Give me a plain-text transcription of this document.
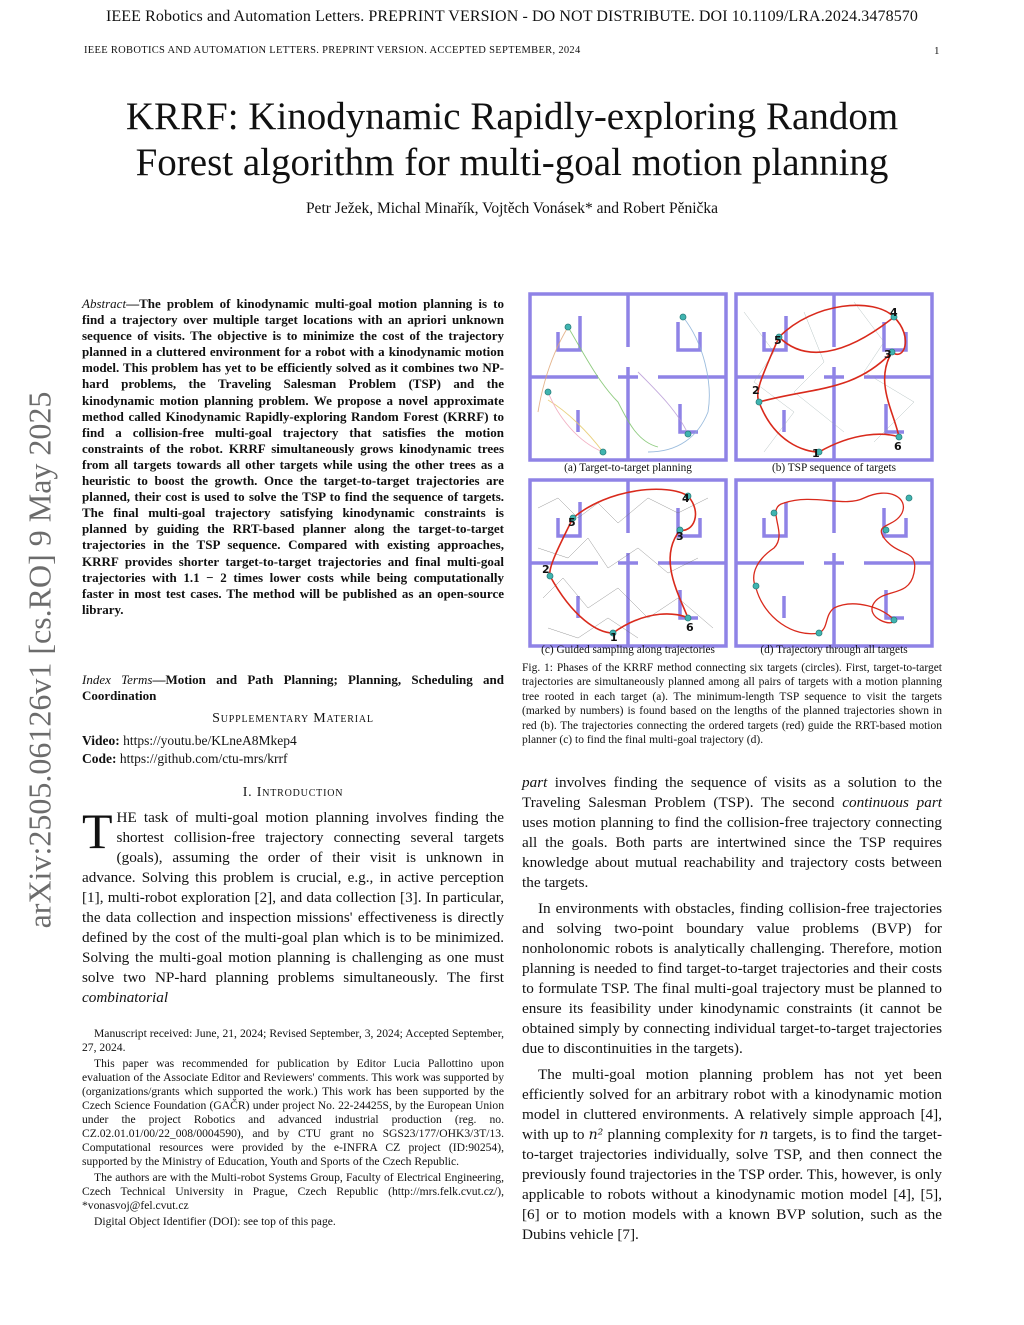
IEEE Robotics and Automation Letters. PREPRINT VERSION - DO NOT DISTRIBUTE. DOI 10.1109/LRA.2024.3478570
IEEE ROBOTICS AND AUTOMATION LETTERS. PREPRINT VERSION. ACCEPTED SEPTEMBER, 2024	1
KRRF: Kinodynamic Rapidly-exploring Random
Forest algorithm for multi-goal motion planning
Petr Ježek, Michal Minařík, Vojtěch Vonásek* and Robert Pěnička
arXiv:2505.06126v1 [cs.RO] 9 May 2025
Abstract—The problem of kinodynamic multi-goal motion planning is to find a trajectory over multiple target locations with an apriori unknown sequence of visits. The objective is to minimize the cost of the trajectory planned in a cluttered environment for a robot with a kinodynamic motion model. This problem has yet to be efficiently solved as it combines two NP-hard problems, the Traveling Salesman Problem (TSP) and the kinodynamic motion planning problem. We propose a novel approximate method called Kinodynamic Rapidly-exploring Random Forest (KRRF) to find a collision-free multi-goal trajectory that satisfies the motion constraints of the robot. KRRF simultaneously grows kinodynamic trees from all targets towards all other targets while using the other trees as a heuristic to boost the growth. Once the target-to-target trajectories are planned, their cost is used to solve the TSP to find the sequence of targets. The final multi-goal trajectory satisfying kinodynamic constraints is planned by guiding the RRT-based planner along the target-to-target trajectories in the TSP sequence. Compared with existing approaches, KRRF provides shorter target-to-target trajectories and final multi-goal trajectories with 1.1 − 2 times lower costs while being computationally faster in most test cases. The method will be published as an open-source library.
Index Terms—Motion and Path Planning; Planning, Scheduling and Coordination
Supplementary Material
Video: https://youtu.be/KLneA8Mkep4
Code: https://github.com/ctu-mrs/krrf
I. Introduction
THE task of multi-goal motion planning involves finding the shortest collision-free trajectory connecting several targets (goals), assuming the order of their visit is unknown in advance. Solving this problem is crucial, e.g., in active perception [1], multi-robot exploration [2], and data collection [3]. In particular, the data collection and inspection missions' effectiveness is directly defined by the cost of the multi-goal plan which is to be minimized. Solving the multi-goal motion planning is challenging as one must solve two NP-hard planning problems simultaneously. The first combinatorial

Manuscript received: June, 21, 2024; Revised September, 3, 2024; Accepted September, 27, 2024.

This paper was recommended for publication by Editor Lucia Pallottino upon evaluation of the Associate Editor and Reviewers' comments. This work was supported by (organizations/grants which supported the work.) This work has been supported by the Czech Science Foundation (GAČR) under project No. 22-24425S, by the European Union under the project Robotics and advanced industrial production (reg. no. CZ.02.01.01/00/22_008/0004590), and by CTU grant no SGS23/177/OHK3/3T/13. Computational resources were provided by the e-INFRA CZ project (ID:90254), supported by the Ministry of Education, Youth and Sports of the Czech Republic.

The authors are with the Multi-robot Systems Group, Faculty of Electrical Engineering, Czech Technical University in Prague, Czech Republic (http://mrs.felk.cvut.cz/), *vonasvoj@fel.cvut.cz

Digital Object Identifier (DOI): see top of this page.

(a) Target-to-target planning
5
4
3
2
6
1
(b) TSP sequence of targets
5
4
3
2
6
1
(c) Guided sampling along trajectories	(d) Trajectory through all targets
Fig. 1: Phases of the KRRF method connecting six targets (circles). First, target-to-target trajectories are simultaneously planned among all pairs of targets with a motion planning tree rooted in each target (a). The minimum-length TSP sequence to visit the targets (marked by numbers) is found based on the lengths of the planned trajectories shown in red (b). The trajectories connecting the ordered targets (red) guide the RRT-based motion planner (c) to find the final multi-goal trajectory (d).

part involves finding the sequence of visits as a solution to the Traveling Salesman Problem (TSP). The second continuous part uses motion planning to find the collision-free trajectory connecting all the goals. Both parts are intertwined since the TSP requires knowledge about mutual reachability and trajectory costs between the targets.

In environments with obstacles, finding collision-free trajectories and solving two-point boundary value problems (BVP) for nonholonomic robots is analytically challenging. Therefore, motion planning is needed to find target-to-target trajectories and their costs to formulate TSP. The final multi-goal trajectory must be planned to ensure its feasibility under kinodynamic constraints (it cannot be obtained simply by connecting individual target-to-target trajectories due to discontinuities in the targets).

The multi-goal motion planning problem has not yet been efficiently solved for an arbitrary robot with a kinodynamic motion model in cluttered environments. A relatively simple approach [4], with up to n² planning complexity for n targets, is to find the target-to-target trajectories individually, solve TSP, and then connect the previously found trajectories in the TSP order. This, however, is only applicable to robots without a kinodynamic motion model [4], [5], [6] or to motion models with a known BVP solution, such as the Dubins vehicle [7].
